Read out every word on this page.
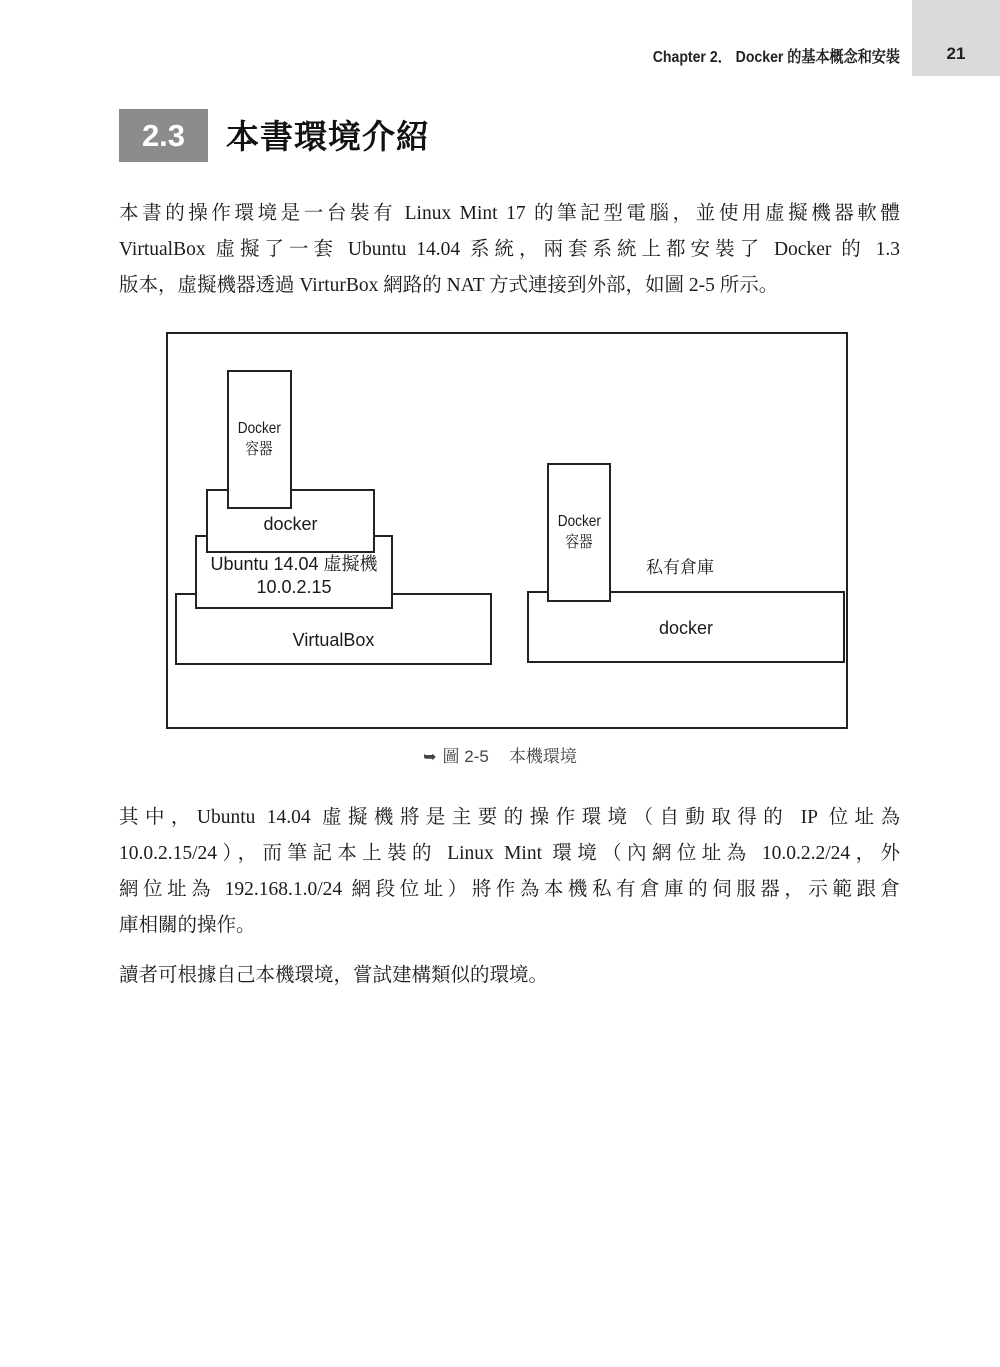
Chapter 2． Docker 的基本概念和安裝	21
2.3	本書環境介紹
本書的操作環境是一台裝有 Linux Mint 17 的筆記型電腦，並使用虛擬機器軟體
VirtualBox 虛擬了一套 Ubuntu 14.04 系統，兩套系統上都安裝了 Docker 的 1.3
版本，虛擬機器透過 VirturBox 網路的 NAT 方式連接到外部，如圖 2-5 所示。
VirtualBox
Ubuntu 14.04 虛擬機
10.0.2.15
docker
Docker
容器
docker
Docker
容器
私有倉庫
➥ 圖 2-5 本機環境
其中，Ubuntu 14.04 虛擬機將是主要的操作環境（自動取得的 IP 位址為
10.0.2.15/24），而筆記本上裝的 Linux Mint 環境（內網位址為 10.0.2.2/24，外
網位址為 192.168.1.0/24 網段位址）將作為本機私有倉庫的伺服器，示範跟倉
庫相關的操作。
讀者可根據自己本機環境，嘗試建構類似的環境。
